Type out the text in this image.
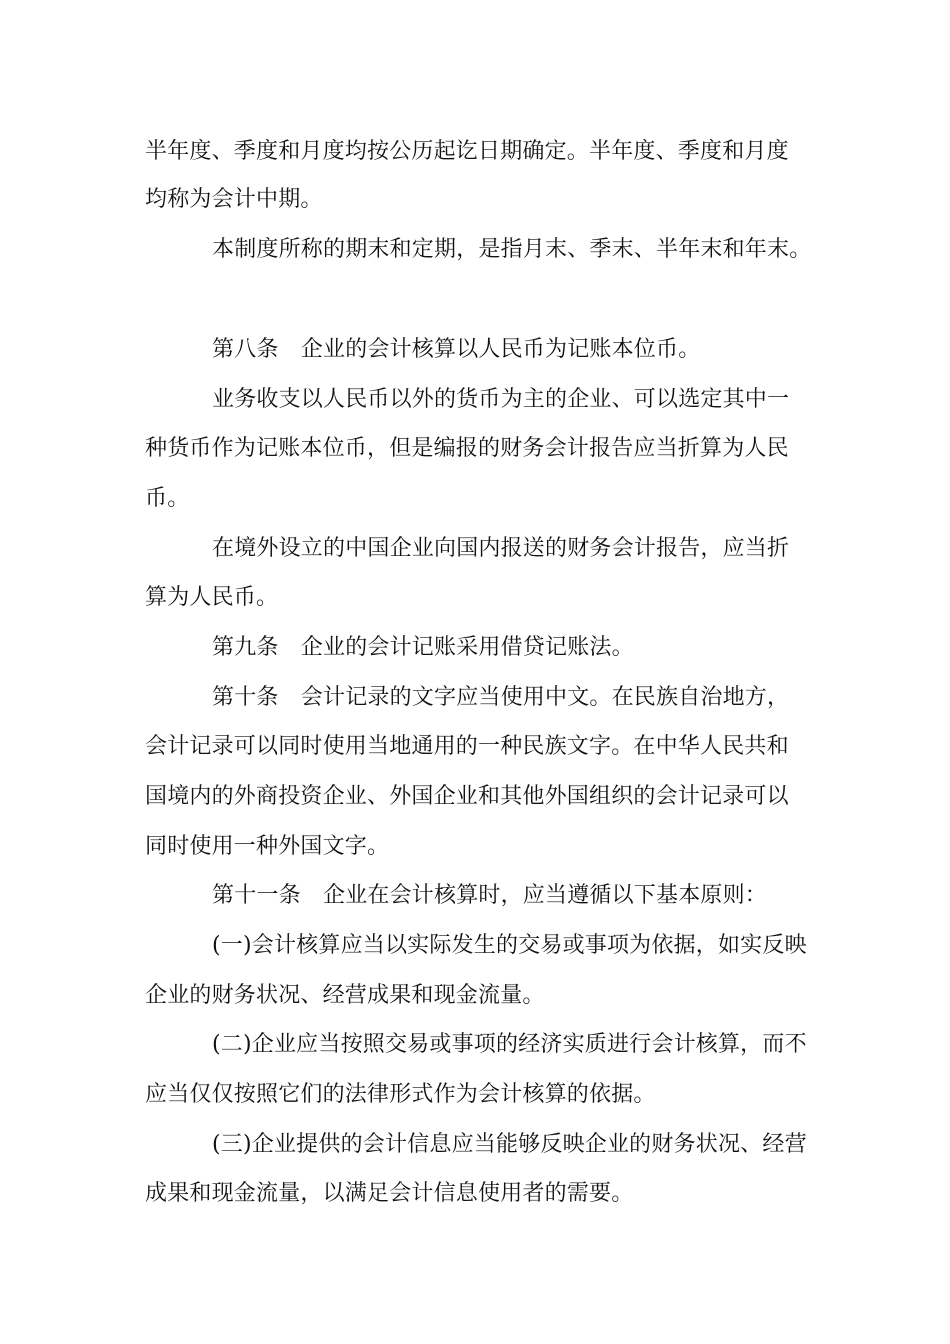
半年度、季度和月度均按公历起讫日期确定。半年度、季度和月度
均称为会计中期。
本制度所称的期末和定期，是指月末、季末、半年末和年末。
第八条　企业的会计核算以人民币为记账本位币。
业务收支以人民币以外的货币为主的企业、可以选定其中一
种货币作为记账本位币，但是编报的财务会计报告应当折算为人民
币。
在境外设立的中国企业向国内报送的财务会计报告，应当折
算为人民币。
第九条　企业的会计记账采用借贷记账法。
第十条　会计记录的文字应当使用中文。在民族自治地方，
会计记录可以同时使用当地通用的一种民族文字。在中华人民共和
国境内的外商投资企业、外国企业和其他外国组织的会计记录可以
同时使用一种外国文字。
第十一条　企业在会计核算时，应当遵循以下基本原则：
(一)会计核算应当以实际发生的交易或事项为依据，如实反映
企业的财务状况、经营成果和现金流量。
(二)企业应当按照交易或事项的经济实质进行会计核算，而不
应当仅仅按照它们的法律形式作为会计核算的依据。
(三)企业提供的会计信息应当能够反映企业的财务状况、经营
成果和现金流量，以满足会计信息使用者的需要。
